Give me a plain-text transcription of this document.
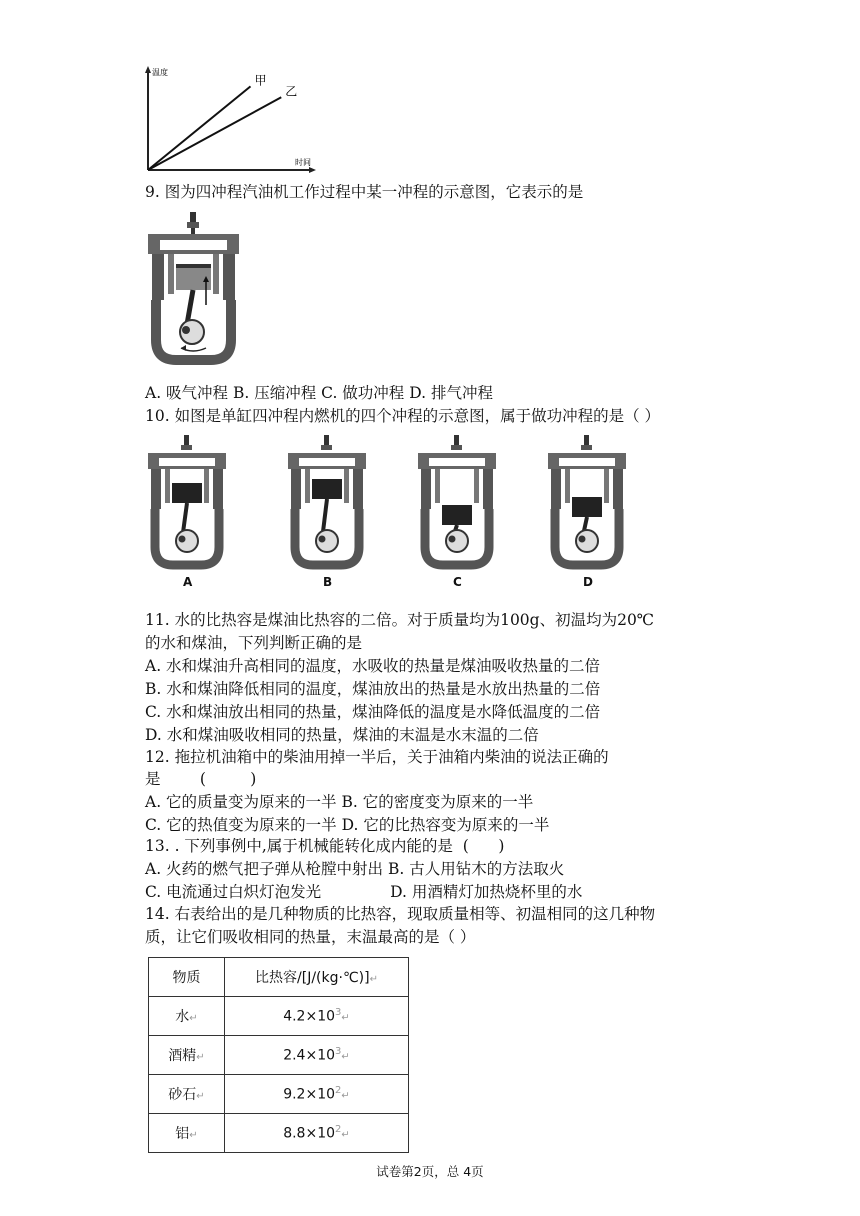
温度
时间
甲
乙
9. 图为四冲程汽油机工作过程中某一冲程的示意图，它表示的是
A. 吸气冲程 B. 压缩冲程 C. 做功冲程 D. 排气冲程
10. 如图是单缸四冲程内燃机的四个冲程的示意图，属于做功冲程的是（ ）
A	B	C	D
11. 水的比热容是煤油比热容的二倍。对于质量均为100g、初温均为20℃
的水和煤油，下列判断正确的是
A. 水和煤油升高相同的温度，水吸收的热量是煤油吸收热量的二倍
B. 水和煤油降低相同的温度，煤油放出的热量是水放出热量的二倍
C. 水和煤油放出相同的热量，煤油降低的温度是水降低温度的二倍
D. 水和煤油吸收相同的热量，煤油的末温是水末温的二倍
12. 拖拉机油箱中的柴油用掉一半后，关于油箱内柴油的说法正确的
是        (         )
A. 它的质量变为原来的一半 B. 它的密度变为原来的一半
C. 它的热值变为原来的一半 D. 它的比热容变为原来的一半
13. . 下列事例中,属于机械能转化成内能的是  (      )
A. 火药的燃气把子弹从枪膛中射出 B. 古人用钻木的方法取火
C. 电流通过白炽灯泡发光              D. 用酒精灯加热烧杯里的水
14. 右表给出的是几种物质的比热容，现取质量相等、初温相同的这几种物
质，让它们吸收相同的热量，末温最高的是（ ）
物质	比热容/[J/(kg·℃)]↵
水↵	$4.2\times 10^3↵$
酒精↵	$2.4\times 10^3↵$
砂石↵	$9.2\times 10^2↵$
铝↵	$8.8\times 10^2↵$
试卷第2页，总 4页
